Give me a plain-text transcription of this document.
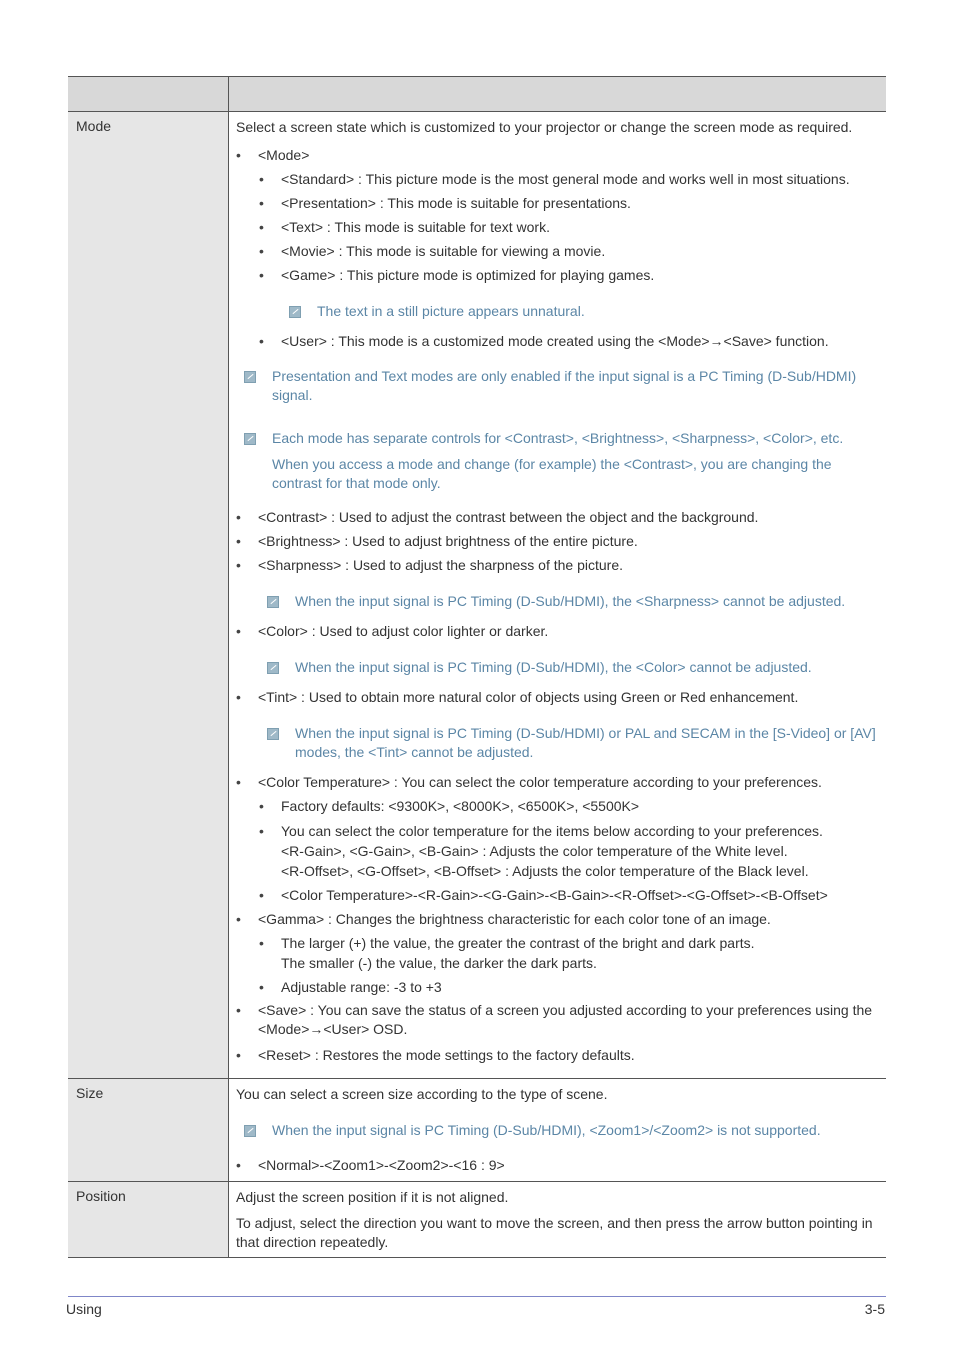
Mode	Select a screen state which is customized to your projector or change the screen mode as required.
• <Mode>
• <Standard> : This picture mode is the most general mode and works well in most situations.
• <Presentation> : This mode is suitable for presentations.
• <Text> : This mode is suitable for text work.
• <Movie> : This mode is suitable for viewing a movie.
• <Game> : This picture mode is optimized for playing games.
The text in a still picture appears unnatural.
• <User> : This mode is a customized mode created using the <Mode>→<Save> function.
Presentation and Text modes are only enabled if the input signal is a PC Timing (D-Sub/HDMI) signal.
Each mode has separate controls for <Contrast>, <Brightness>, <Sharpness>, <Color>, etc.
When you access a mode and change (for example) the <Contrast>, you are changing the contrast for that mode only.
• <Contrast> : Used to adjust the contrast between the object and the background.
• <Brightness> : Used to adjust brightness of the entire picture.
• <Sharpness> : Used to adjust the sharpness of the picture.
When the input signal is PC Timing (D-Sub/HDMI), the <Sharpness> cannot be adjusted.
• <Color> : Used to adjust color lighter or darker.
When the input signal is PC Timing (D-Sub/HDMI), the <Color> cannot be adjusted.
• <Tint> : Used to obtain more natural color of objects using Green or Red enhancement.
When the input signal is PC Timing (D-Sub/HDMI) or PAL and SECAM in the [S-Video] or [AV] modes, the <Tint> cannot be adjusted.
• <Color Temperature> : You can select the color temperature according to your preferences.
• Factory defaults: <9300K>, <8000K>, <6500K>, <5500K>
• You can select the color temperature for the items below according to your preferences.
<R-Gain>, <G-Gain>, <B-Gain> : Adjusts the color temperature of the White level.
<R-Offset>, <G-Offset>, <B-Offset> : Adjusts the color temperature of the Black level.
• <Color Temperature>-<R-Gain>-<G-Gain>-<B-Gain>-<R-Offset>-<G-Offset>-<B-Offset>
• <Gamma> : Changes the brightness characteristic for each color tone of an image.
• The larger (+) the value, the greater the contrast of the bright and dark parts.
The smaller (-) the value, the darker the dark parts.
• Adjustable range: -3 to +3
• <Save> : You can save the status of a screen you adjusted according to your preferences using the <Mode>→<User> OSD.
• <Reset> : Restores the mode settings to the factory defaults.
Size	You can select a screen size according to the type of scene.
When the input signal is PC Timing (D-Sub/HDMI), <Zoom1>/<Zoom2> is not supported.
• <Normal>-<Zoom1>-<Zoom2>-<16 : 9>
Position	Adjust the screen position if it is not aligned.
To adjust, select the direction you want to move the screen, and then press the arrow button pointing in that direction repeatedly.
Using	3-5
